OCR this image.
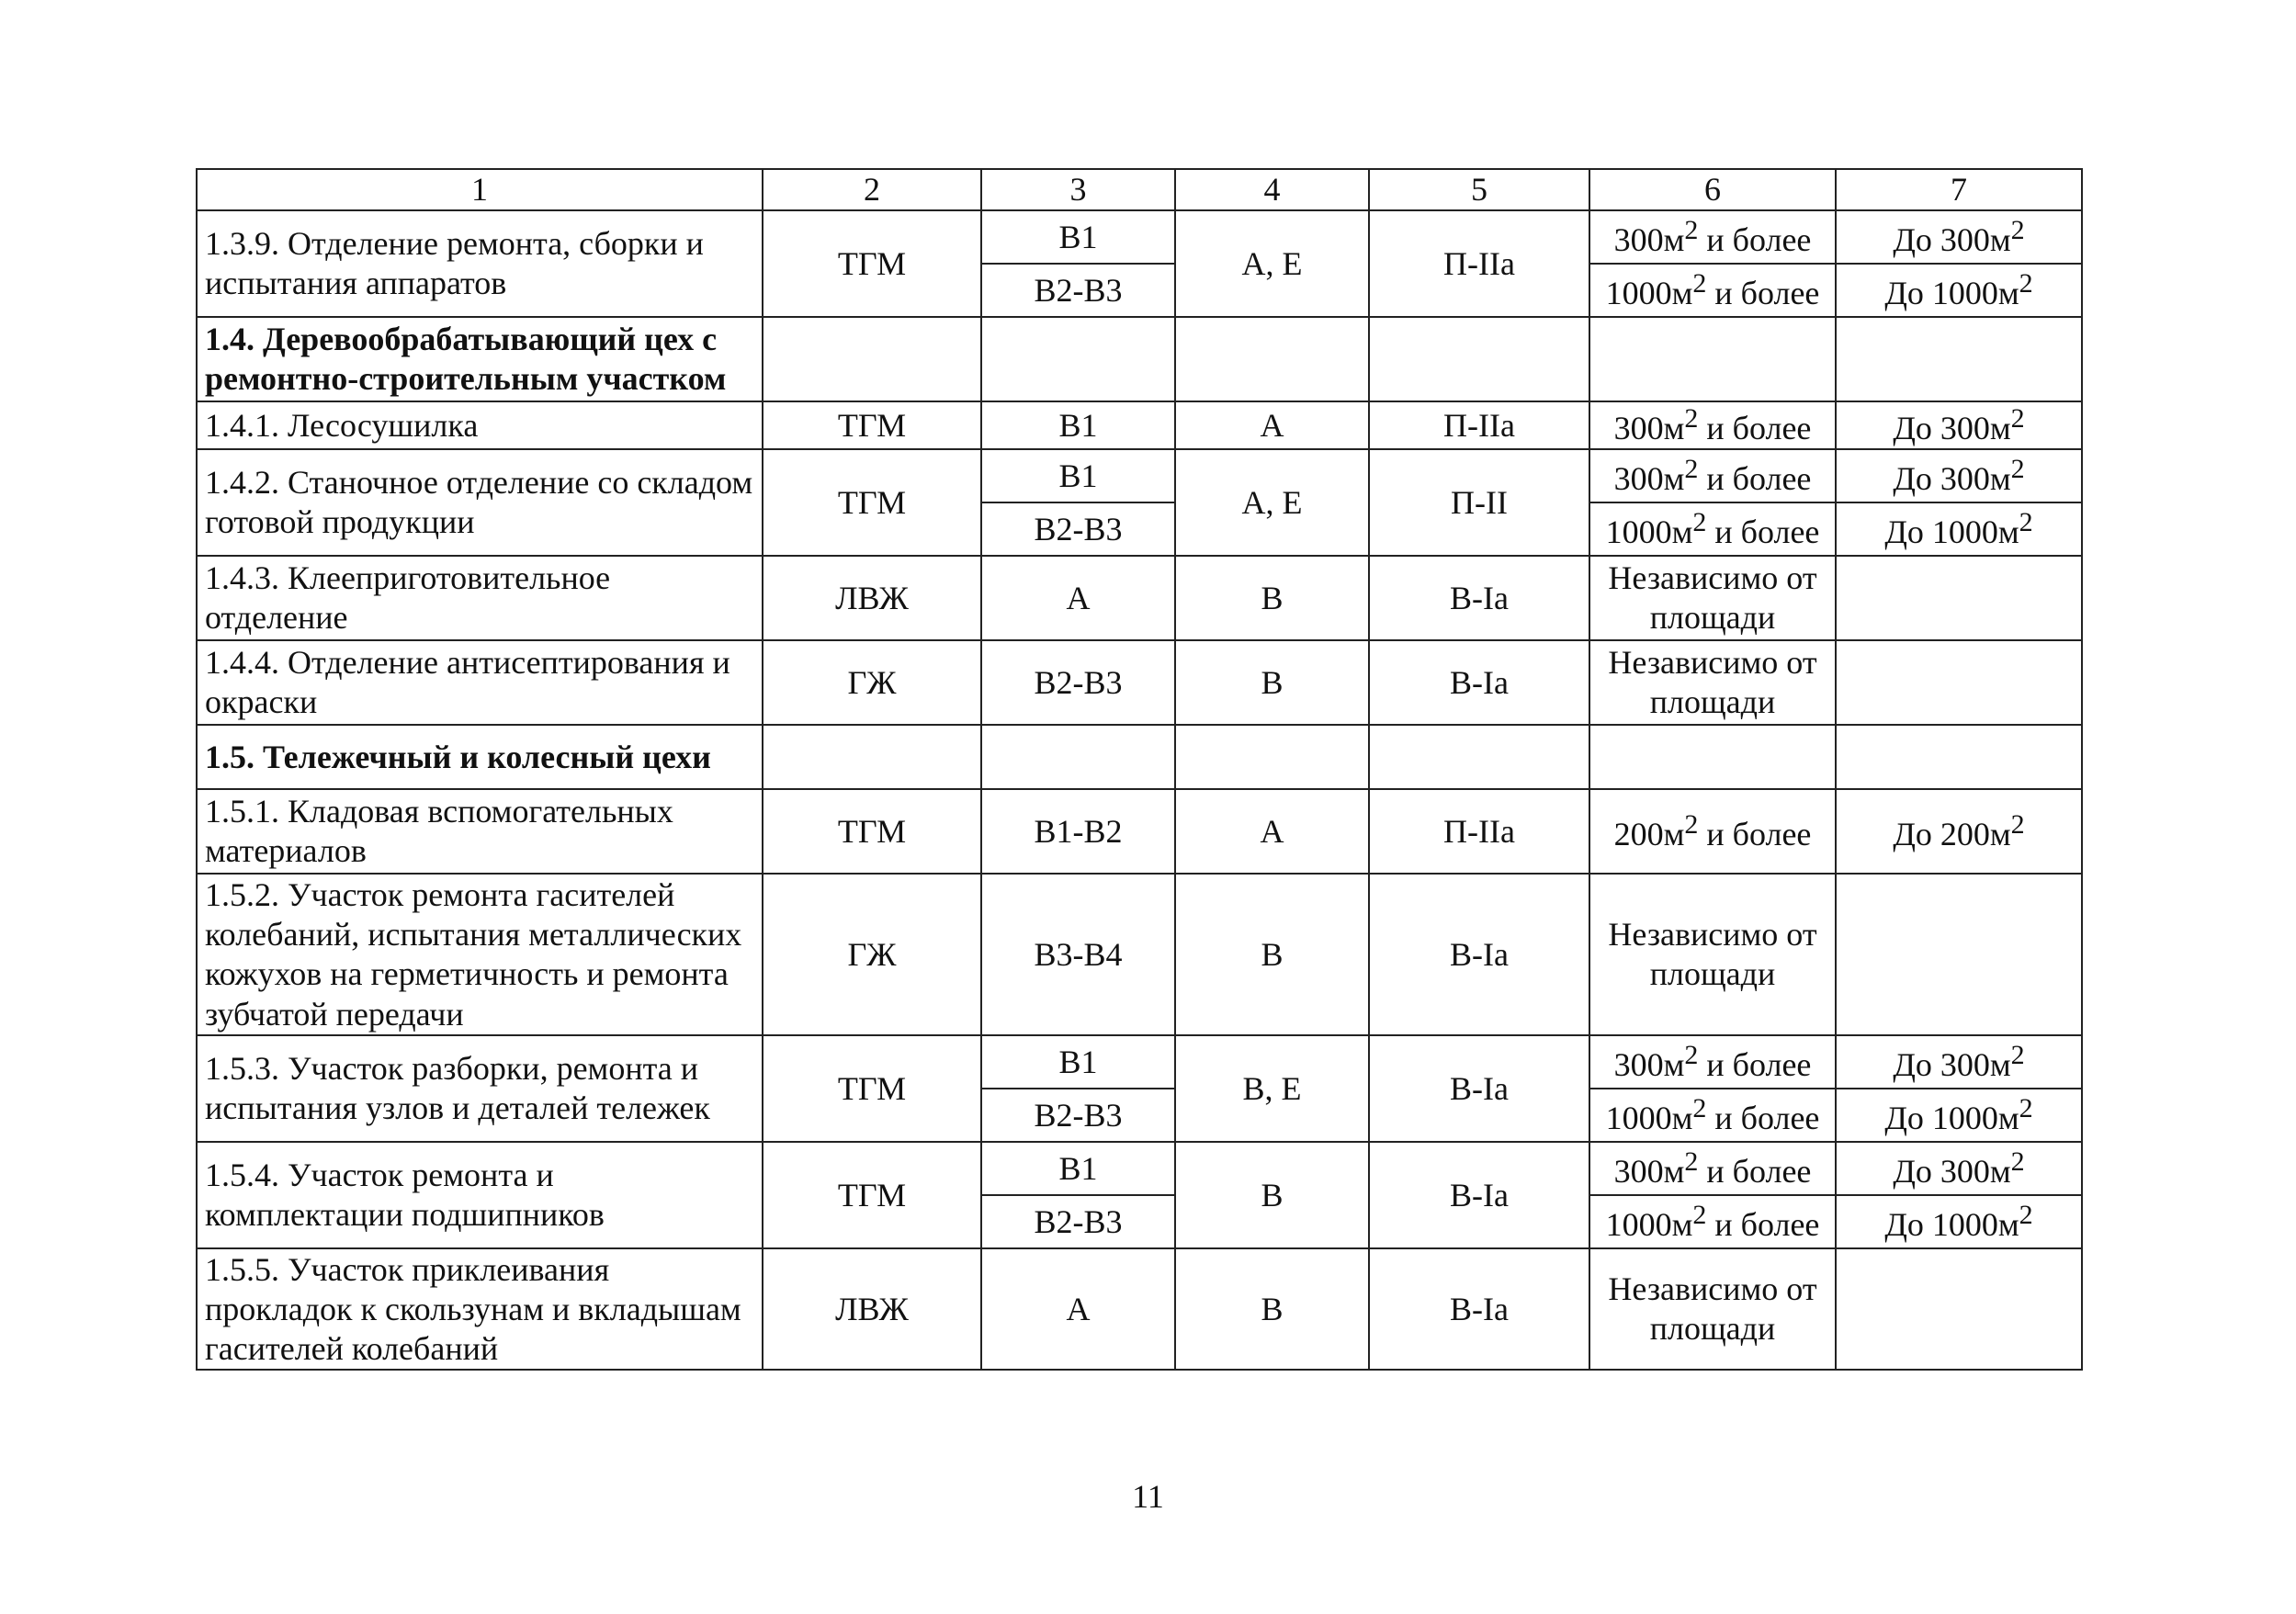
1	2	3	4	5	6	7
1.3.9. Отделение ремонта, сборки и испытания аппаратов	ТГМ	В1	А, Е	П-IIа	$300м^2$ и более	До $300м^2$
		В2-В3			$1000м^2$ и более	До $1000м^2$
1.4. Деревообрабатывающий цех с ремонтно-строительным участком						
1.4.1. Лесосушилка	ТГМ	В1	А	П-IIа	$300м^2$ и более	До $300м^2$
1.4.2. Станочное отделение со складом готовой продукции	ТГМ	В1	А, Е	П-II	$300м^2$ и более	До $300м^2$
		В2-В3			$1000м^2$ и более	До $1000м^2$
1.4.3. Клееприготовительное отделение	ЛВЖ	А	В	В-Iа	Независимо от площади	
1.4.4. Отделение антисептирования и окраски	ГЖ	В2-В3	В	В-Iа	Независимо от площади	
1.5. Тележечный и колесный цехи						
1.5.1. Кладовая вспомогательных материалов	ТГМ	В1-В2	А	П-IIа	$200м^2$ и более	До $200м^2$
1.5.2. Участок ремонта гасителей колебаний, испытания металлических кожухов на герметичность и ремонта зубчатой передачи	ГЖ	В3-В4	В	В-Iа	Независимо от площади	
1.5.3. Участок разборки, ремонта и испытания узлов и деталей тележек	ТГМ	В1	В, Е	В-Iа	$300м^2$ и более	До $300м^2$
		В2-В3			$1000м^2$ и более	До $1000м^2$
1.5.4. Участок ремонта и комплектации подшипников	ТГМ	В1	В	В-Iа	$300м^2$ и более	До $300м^2$
		В2-В3			$1000м^2$ и более	До $1000м^2$
1.5.5. Участок приклеивания прокладок к скользунам и вкладышам гасителей колебаний	ЛВЖ	А	В	В-Iа	Независимо от площади	
11
